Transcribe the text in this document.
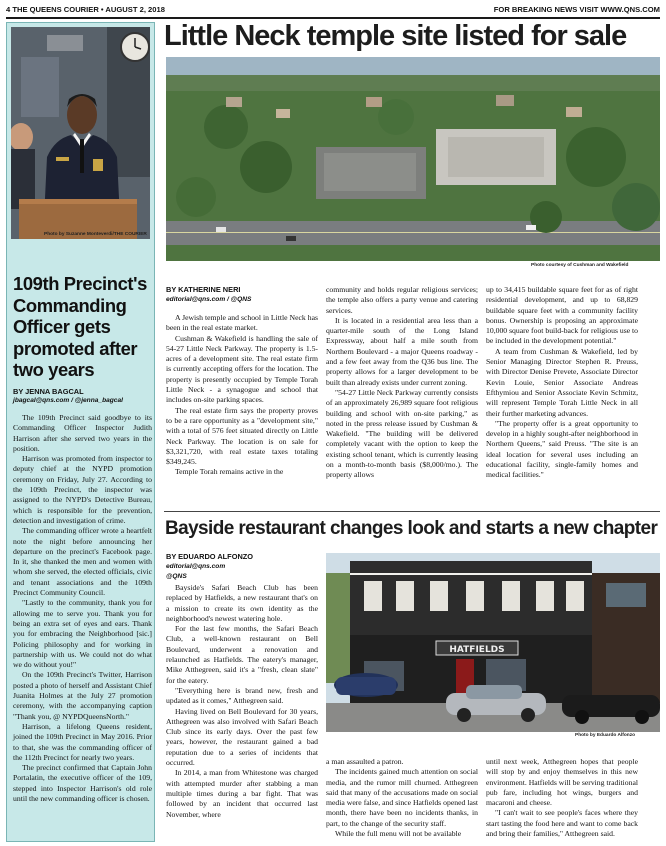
4 THE QUEENS COURIER • AUGUST 2, 2018	FOR BREAKING NEWS VISIT WWW.QNS.COM
Photo by Suzanne Monteverdi/THE COURIER
109th Precinct's Commanding Officer gets promoted after two years
BY JENNA BAGCAL
jbagcal@qns.com / @jenna_bagcal

The 109th Precinct said goodbye to its Commanding Officer Inspector Judith Harrison after she served two years in the position.

Harrison was promoted from inspector to deputy chief at the NYPD promotion ceremony on Friday, July 27. According to the 109th Precinct, the inspector was assigned to the NYPD's Detective Bureau, which is responsible for the prevention, detection and investigation of crime.

The commanding officer wrote a heartfelt note the night before announcing her departure on the precinct's Facebook page. In it, she thanked the men and women with whom she served, the elected officials, civic and tenant associations and the 109th Precinct Community Council.

"Lastly to the community, thank you for allowing me to serve you. Thank you for being an extra set of eyes and ears. Thank you for embracing the Neighborhood [sic.] Policing philosophy and for working in partnership with us. We could not do what we do without you!"

On the 109th Precinct's Twitter, Harrison posted a photo of herself and Assistant Chief Juanita Holmes at the July 27 promotion ceremony, with the accompanying caption "Thank you, @ NYPDQueensNorth."

Harrison, a lifelong Queens resident, joined the 109th Precinct in May 2016. Prior to that, she was the commanding officer of the 112th Precinct for nearly two years.

The precinct confirmed that Captain John Portalatin, the executive officer of the 109, stepped into Inspector Harrison's old role until the new commanding officer is chosen.

Little Neck temple site listed for sale
Photo courtesy of Cushman and Wakefield
BY KATHERINE NERI
editorial@qns.com / @QNS

A Jewish temple and school in Little Neck has been in the real estate market.

Cushman & Wakefield is handling the sale of 54-27 Little Neck Parkway. The property is 1.5-acres of a development site. The real estate firm is currently accepting offers for the location. The property is presently occupied by Temple Torah Little Neck - a synagogue and school that includes on-site parking spaces.

The real estate firm says the property proves to be a rare opportunity as a "development site," with a total of 576 feet situated directly on Little Neck Parkway. The location is on sale for $3,321,720, with real estate taxes totaling $349,245.

Temple Torah remains active in the

community and holds regular religious services; the temple also offers a party venue and catering services.

It is located in a residential area less than a quarter-mile south of the Long Island Expressway, about half a mile south from Northern Boulevard - a major Queens roadway - and a few feet away from the Q36 bus line. The property allows for a larger development to be built than already exists under current zoning.

"54-27 Little Neck Parkway currently consists of an approximately 26,989 square foot religious building and school with on-site parking," as noted in the press release issued by Cushman & Wakefield. "The building will be delivered completely vacant with the option to keep the existing school tenant, which is currently leasing on a month-to-month basis ($8,000/mo.). The property allows

up to 34,415 buildable square feet for as of right residential development, and up to 68,829 buildable square feet with a community facility bonus. Ownership is proposing an approximate 10,000 square foot build-back for religious use to be included in the development potential."

A team from Cushman & Wakefield, led by Senior Managing Director Stephen R. Preuss, with Director Denise Prevete, Associate Director Kevin Louie, Senior Associate Andreas Efthymiou and Senior Associate Kevin Schmitz, will represent Temple Torah Little Neck in all their further marketing advances.

"The property offer is a great opportunity to develop in a highly sought-after neighborhood in Northern Queens," said Preuss. "The site is an ideal location for several uses including an educational facility, single-family homes and medical facilities."

Bayside restaurant changes look and starts a new chapter
BY EDUARDO ALFONZO
editorial@qns.com
@QNS
HATFIELDS
Photo by Eduardo Alfonzo

Bayside's Safari Beach Club has been replaced by Hatfields, a new restaurant that's on a mission to create its own identity as the neighborhood's newest watering hole.

For the last few months, the Safari Beach Club, a well-known restaurant on Bell Boulevard, underwent a renovation and relaunched as Hatfields. The eatery's manager, Mike Atthegreen, said it's a "fresh, clean slate" for the eatery.

"Everything here is brand new, fresh and updated as it comes," Atthegreen said.

Having lived on Bell Boulevard for 30 years, Atthegreen was also involved with Safari Beach Club since its early days. Over the past few years, however, the restaurant gained a bad reputation due to a series of incidents that occurred.

In 2014, a man from Whitestone was charged with attempted murder after stabbing a man multiple times during a bar fight. That was followed by an incident that occurred last November, where

a man assaulted a patron.

The incidents gained much attention on social media, and the rumor mill churned. Atthegreen said that many of the accusations made on social media were false, and since Hatfields opened last month, there have been no incidents thanks, in part, to the change of the security staff.

While the full menu will not be available

until next week, Atthegreen hopes that people will stop by and enjoy themselves in this new environment. Hatfields will be serving traditional pub fare, including hot wings, burgers and macaroni and cheese.

"I can't wait to see people's faces where they start tasting the food here and want to come back and bring their families," Atthegreen said.
